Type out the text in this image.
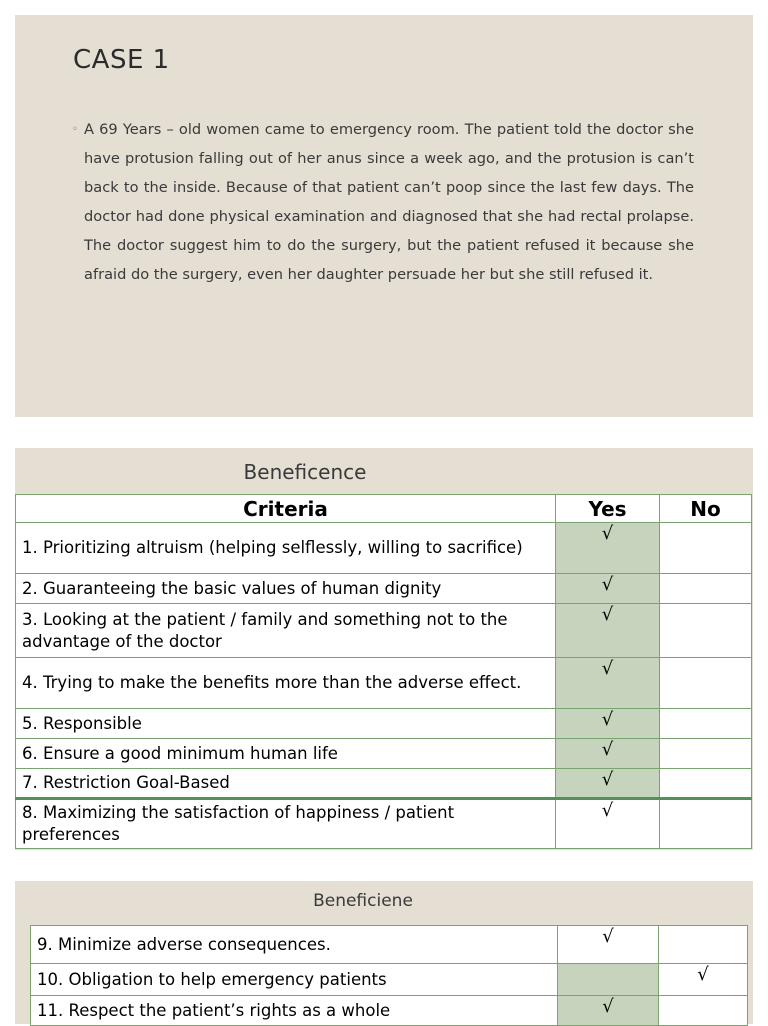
CASE 1
◦ A 69 Years – old women came to emergency room. The patient told the doctor she have protusion falling out of her anus since a week ago, and the protusion is can’t back to the inside. Because of that patient can’t poop since the last few days. The doctor had done physical examination and diagnosed that she had rectal prolapse. The doctor suggest him to do the surgery, but the patient refused it because she afraid do the surgery, even her daughter persuade her but she still refused it.
Beneficence
Criteria	Yes	No
1. Prioritizing altruism (helping selflessly, willing to sacrifice)	√	
2. Guaranteeing the basic values of human dignity	√	
3. Looking at the patient / family and something not to the advantage of the doctor	√	
4. Trying to make the benefits more than the adverse effect.	√	
5. Responsible	√	
6. Ensure a good minimum human life	√	
7. Restriction Goal-Based	√	
8. Maximizing the satisfaction of happiness / patient preferences	√	
Beneficiene
9. Minimize adverse consequences.	√	
10. Obligation to help emergency patients		√
11. Respect the patient’s rights as a whole	√	
